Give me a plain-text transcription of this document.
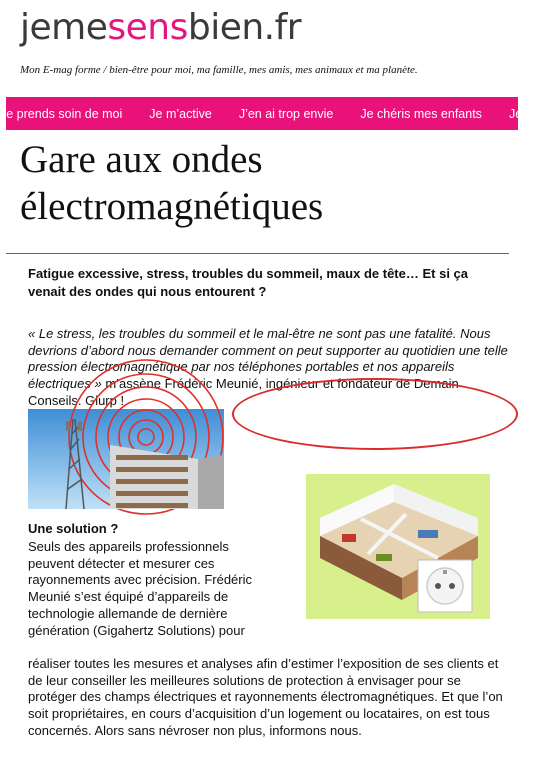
jemesensbien.fr
Mon E-mag forme / bien-être pour moi, ma famille, mes amis, mes animaux et ma planète.
Je prends soin de moi Je m’active J’en ai trop envie Je chéris mes enfants Je p
Gare aux ondes électromagnétiques

Fatigue excessive, stress, troubles du sommeil, maux de tête… Et si ça venait des ondes qui nous entourent ?

« Le stress, les troubles du sommeil et le mal-être ne sont pas une fatalité. Nous devrions d’abord nous demander comment on peut supporter au quotidien une telle pression électromagnétique par nos téléphones portables et nos appareils électriques » m’assène Frédéric Meunié, ingénieur et fondateur de Demain Conseils. Glurp !

Une solution ?

Seuls des appareils professionnels peuvent détecter et mesurer ces rayonnements avec précision. Frédéric Meunié s’est équipé d’appareils de technologie allemande de dernière génération (Gigahertz Solutions) pour

réaliser toutes les mesures et analyses afin d’estimer l’exposition de ses clients et de leur conseiller les meilleures solutions de protection à envisager pour se protéger des champs électriques et rayonnements électromagnétiques. Et que l’on soit propriétaires, en cours d’acquisition d’un logement ou locataires, on est tous concernés. Alors sans névroser non plus, informons nous.
